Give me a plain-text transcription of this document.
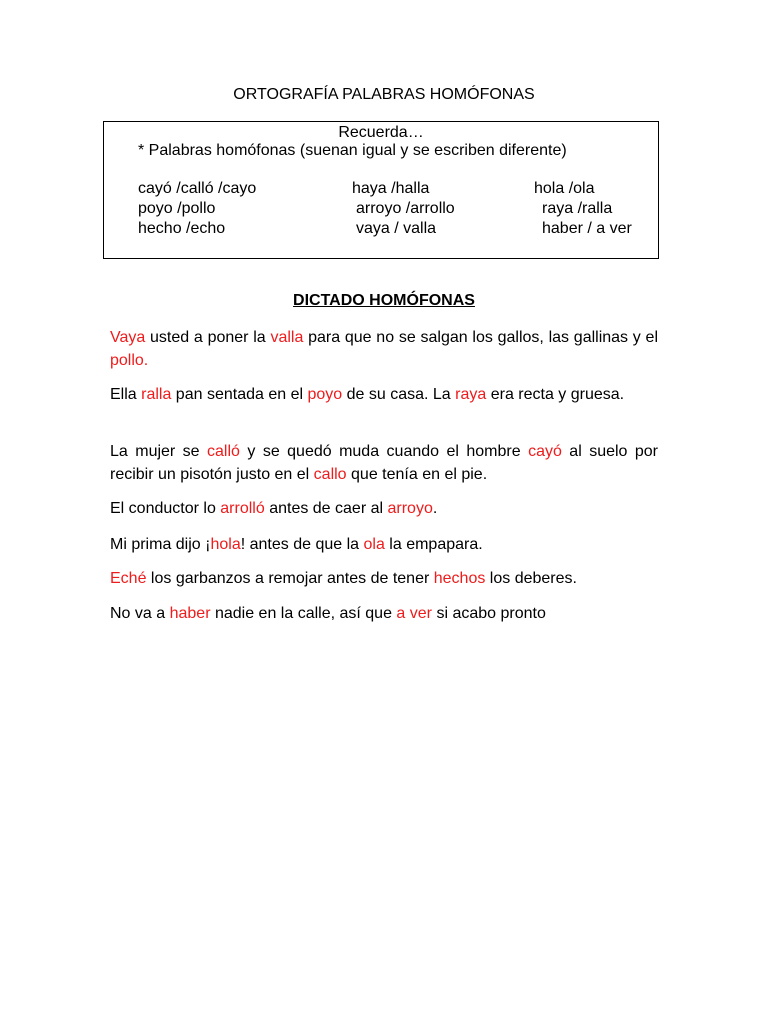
ORTOGRAFÍA PALABRAS HOMÓFONAS
Recuerda…
* Palabras homófonas (suenan igual y se escriben diferente)
cayó /calló /cayo	haya /halla	hola /ola
poyo /pollo	arroyo /arrollo	raya /ralla
hecho /echo	vaya / valla	haber / a ver
DICTADO HOMÓFONAS

Vaya usted a poner la valla para que no se salgan los gallos, las gallinas y el pollo.

Ella ralla pan sentada en el poyo de su casa. La raya era recta y gruesa.

La mujer se calló y se quedó muda cuando el hombre cayó al suelo por recibir un pisotón justo en el callo que tenía en el pie.

El conductor lo arrolló antes de caer al arroyo.

Mi prima dijo ¡hola! antes de que la ola la empapara.

Eché los garbanzos a remojar antes de tener hechos los deberes.

No va a haber nadie en la calle, así que a ver si acabo pronto
